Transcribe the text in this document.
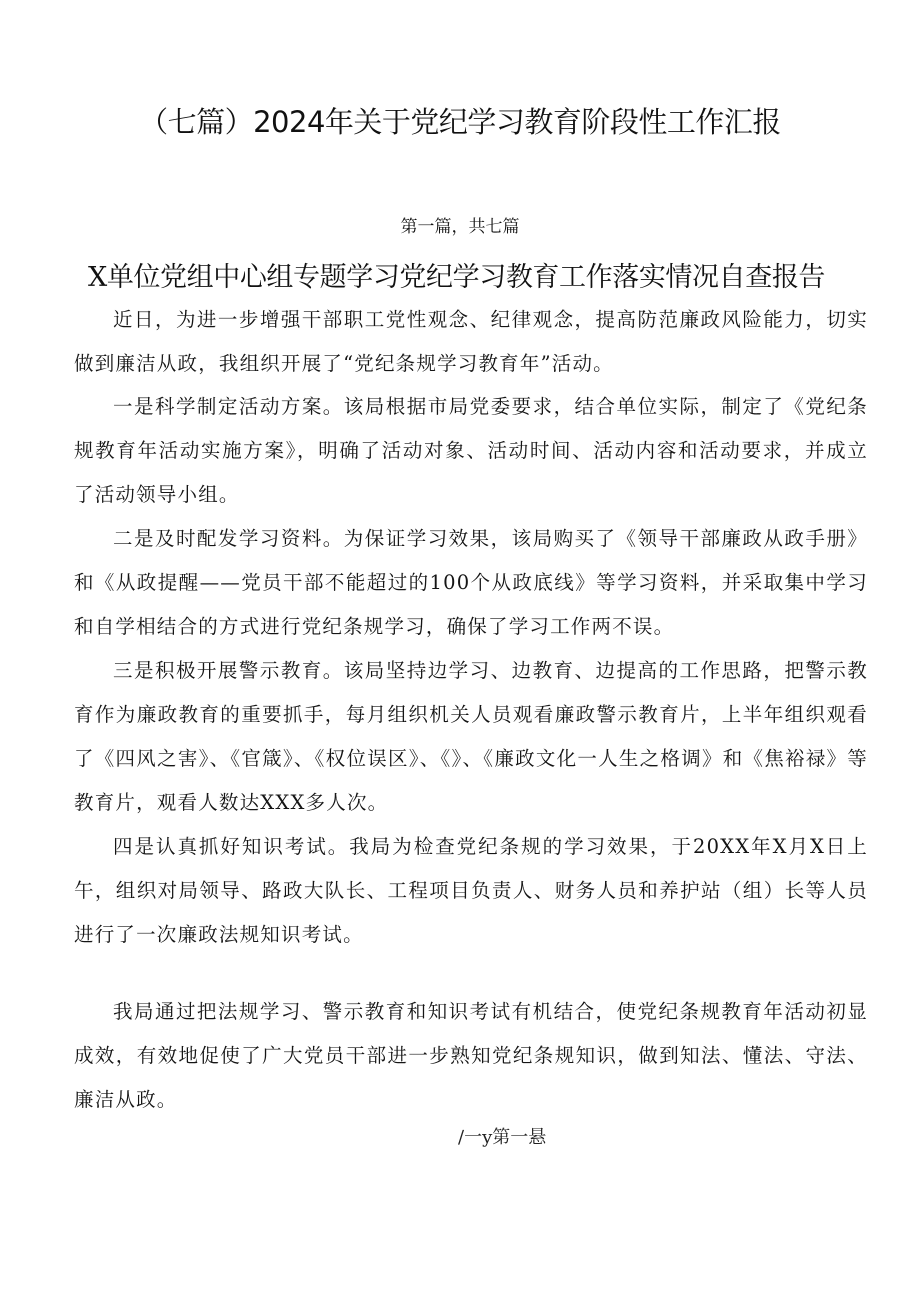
（七篇）2024年关于党纪学习教育阶段性工作汇报
第一篇，共七篇
X单位党组中心组专题学习党纪学习教育工作落实情况自查报告

近日，为进一步增强干部职工党性观念、纪律观念，提高防范廉政风险能力，切实做到廉洁从政，我组织开展了“党纪条规学习教育年”活动。

一是科学制定活动方案。该局根据市局党委要求，结合单位实际，制定了《党纪条规教育年活动实施方案》，明确了活动对象、活动时间、活动内容和活动要求，并成立了活动领导小组。

二是及时配发学习资料。为保证学习效果，该局购买了《领导干部廉政从政手册》和《从政提醒——党员干部不能超过的100个从政底线》等学习资料，并采取集中学习和自学相结合的方式进行党纪条规学习，确保了学习工作两不误。

三是积极开展警示教育。该局坚持边学习、边教育、边提高的工作思路，把警示教育作为廉政教育的重要抓手，每月组织机关人员观看廉政警示教育片，上半年组织观看了《四风之害》、《官箴》、《权位误区》、《》、《廉政文化一人生之格调》和《焦裕禄》等教育片，观看人数达XXX多人次。

四是认真抓好知识考试。我局为检查党纪条规的学习效果，于20XX年X月X日上午，组织对局领导、路政大队长、工程项目负责人、财务人员和养护站（组）长等人员进行了一次廉政法规知识考试。

我局通过把法规学习、警示教育和知识考试有机结合，使党纪条规教育年活动初显成效，有效地促使了广大党员干部进一步熟知党纪条规知识，做到知法、懂法、守法、廉洁从政。

∕一y第一悬
